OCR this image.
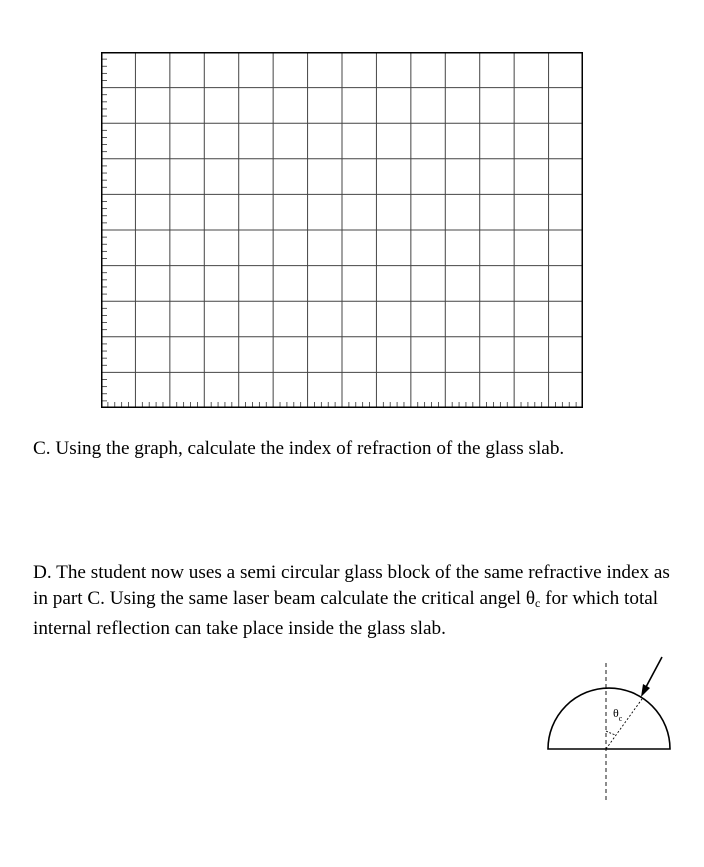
C. Using the graph, calculate the index of refraction of the glass slab.

D. The student now uses a semi circular glass block of the same refractive index as in part C. Using the same laser beam calculate the critical angel $\theta_c$ for which total internal reflection can take place inside the glass slab.

$\theta_c$
